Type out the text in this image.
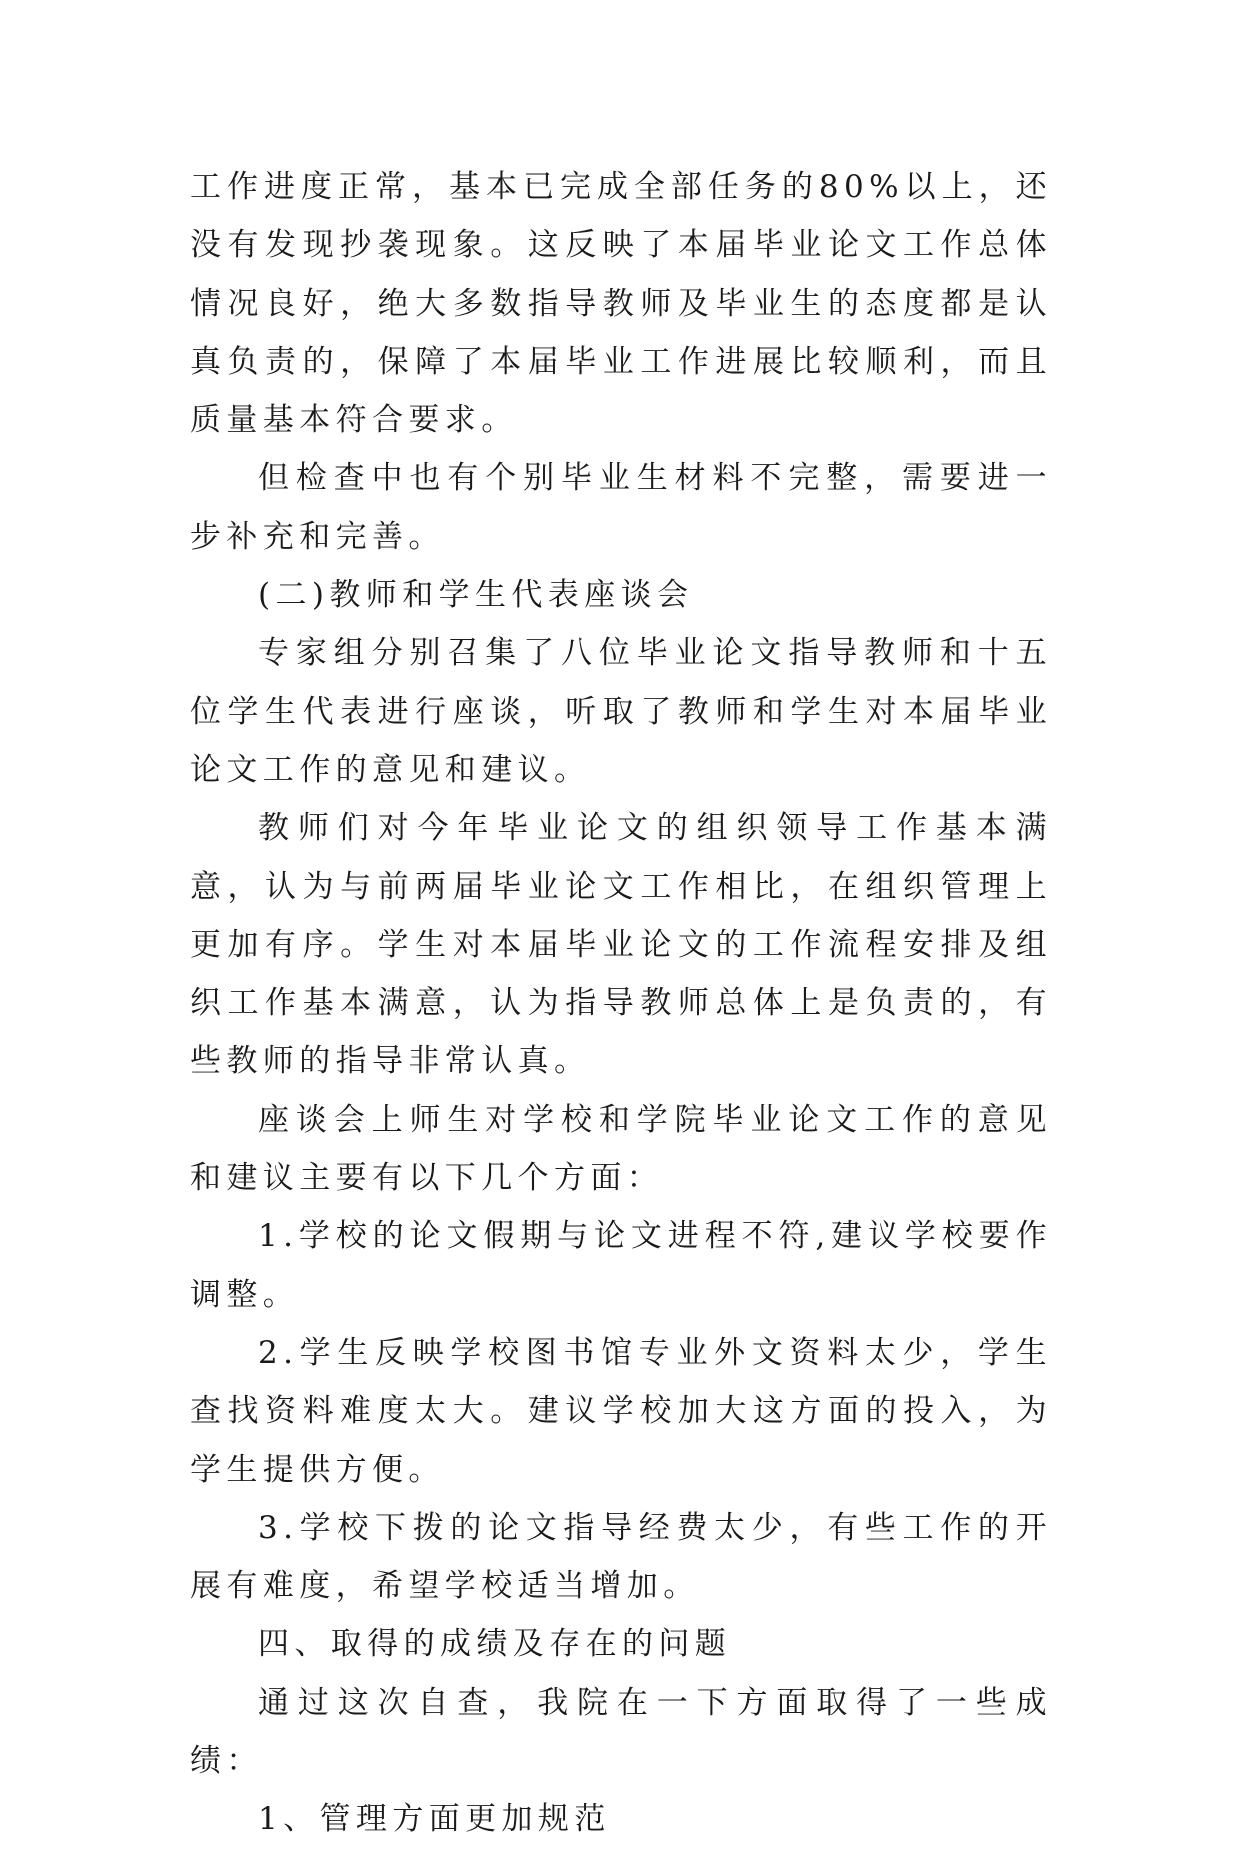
工作进度正常，基本已完成全部任务的80%以上，还没有发现抄袭现象。这反映了本届毕业论文工作总体情况良好，绝大多数指导教师及毕业生的态度都是认真负责的，保障了本届毕业工作进展比较顺利，而且质量基本符合要求。

但检查中也有个别毕业生材料不完整，需要进一步补充和完善。

(二)教师和学生代表座谈会

专家组分别召集了八位毕业论文指导教师和十五位学生代表进行座谈，听取了教师和学生对本届毕业论文工作的意见和建议。

教师们对今年毕业论文的组织领导工作基本满意，认为与前两届毕业论文工作相比，在组织管理上更加有序。学生对本届毕业论文的工作流程安排及组织工作基本满意，认为指导教师总体上是负责的，有些教师的指导非常认真。

座谈会上师生对学校和学院毕业论文工作的意见和建议主要有以下几个方面：

1.学校的论文假期与论文进程不符,建议学校要作调整。

2.学生反映学校图书馆专业外文资料太少，学生查找资料难度太大。建议学校加大这方面的投入，为学生提供方便。

3.学校下拨的论文指导经费太少，有些工作的开展有难度，希望学校适当增加。

四、取得的成绩及存在的问题

通过这次自查，我院在一下方面取得了一些成绩：

1、管理方面更加规范
